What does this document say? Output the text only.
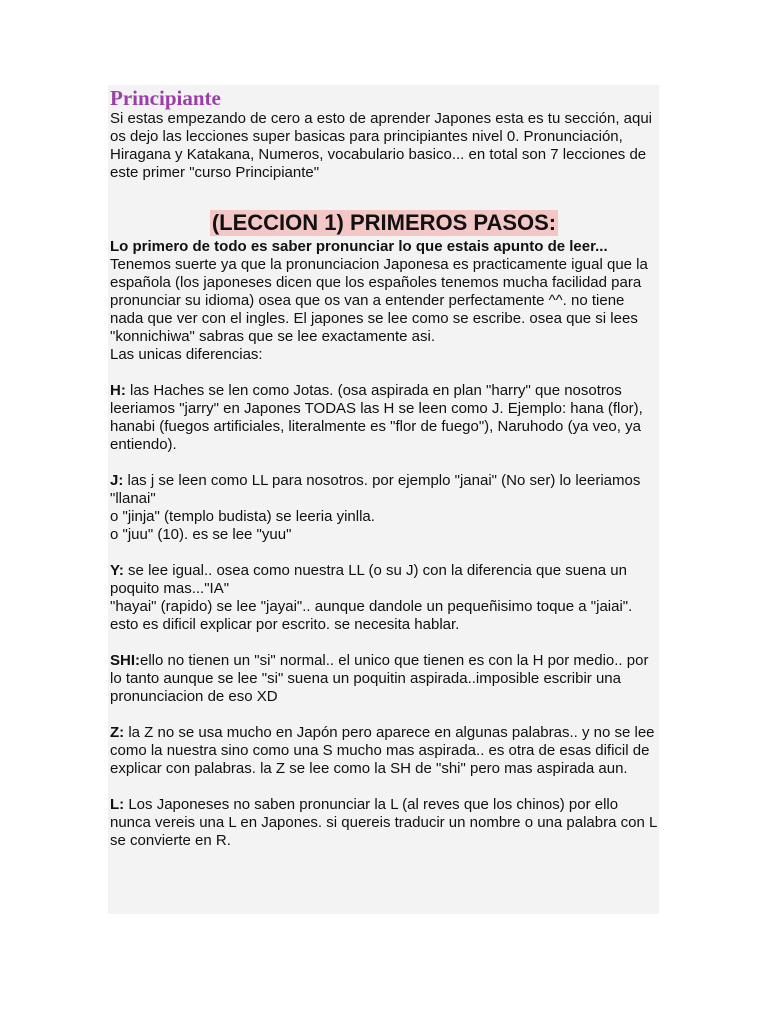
Principiante

Si estas empezando de cero a esto de aprender Japones esta es tu sección, aqui os dejo las lecciones super basicas para principiantes nivel 0. Pronunciación, Hiragana y Katakana, Numeros, vocabulario basico... en total son 7 lecciones de este primer "curso Principiante"

(LECCION 1) PRIMEROS PASOS:

Lo primero de todo es saber pronunciar lo que estais apunto de leer... Tenemos suerte ya que la pronunciacion Japonesa es practicamente igual que la española (los japoneses dicen que los españoles tenemos mucha facilidad para pronunciar su idioma) osea que os van a entender perfectamente ^^. no tiene nada que ver con el ingles. El japones se lee como se escribe. osea que si lees "konnichiwa" sabras que se lee exactamente asi.

Las unicas diferencias:

H: las Haches se len como Jotas. (osa aspirada en plan "harry" que nosotros leeriamos "jarry" en Japones TODAS las H se leen como J. Ejemplo: hana (flor), hanabi (fuegos artificiales, literalmente es "flor de fuego"), Naruhodo (ya veo, ya entiendo).

J: las j se leen como LL para nosotros. por ejemplo "janai" (No ser) lo leeriamos "llanai"

o "jinja" (templo budista) se leeria yinlla.

o "juu" (10). es se lee "yuu"

Y: se lee igual.. osea como nuestra LL (o su J) con la diferencia que suena un poquito mas..."IA"

"hayai" (rapido) se lee "jayai".. aunque dandole un pequeñisimo toque a "jaiai". esto es dificil explicar por escrito. se necesita hablar.

SHI:ello no tienen un "si" normal.. el unico que tienen es con la H por medio.. por lo tanto aunque se lee "si" suena un poquitin aspirada..imposible escribir una pronunciacion de eso XD

Z: la Z no se usa mucho en Japón pero aparece en algunas palabras.. y no se lee como la nuestra sino como una S mucho mas aspirada.. es otra de esas dificil de explicar con palabras. la Z se lee como la SH de "shi" pero mas aspirada aun.

L: Los Japoneses no saben pronunciar la L (al reves que los chinos) por ello nunca vereis una L en Japones. si quereis traducir un nombre o una palabra con L se convierte en R.
